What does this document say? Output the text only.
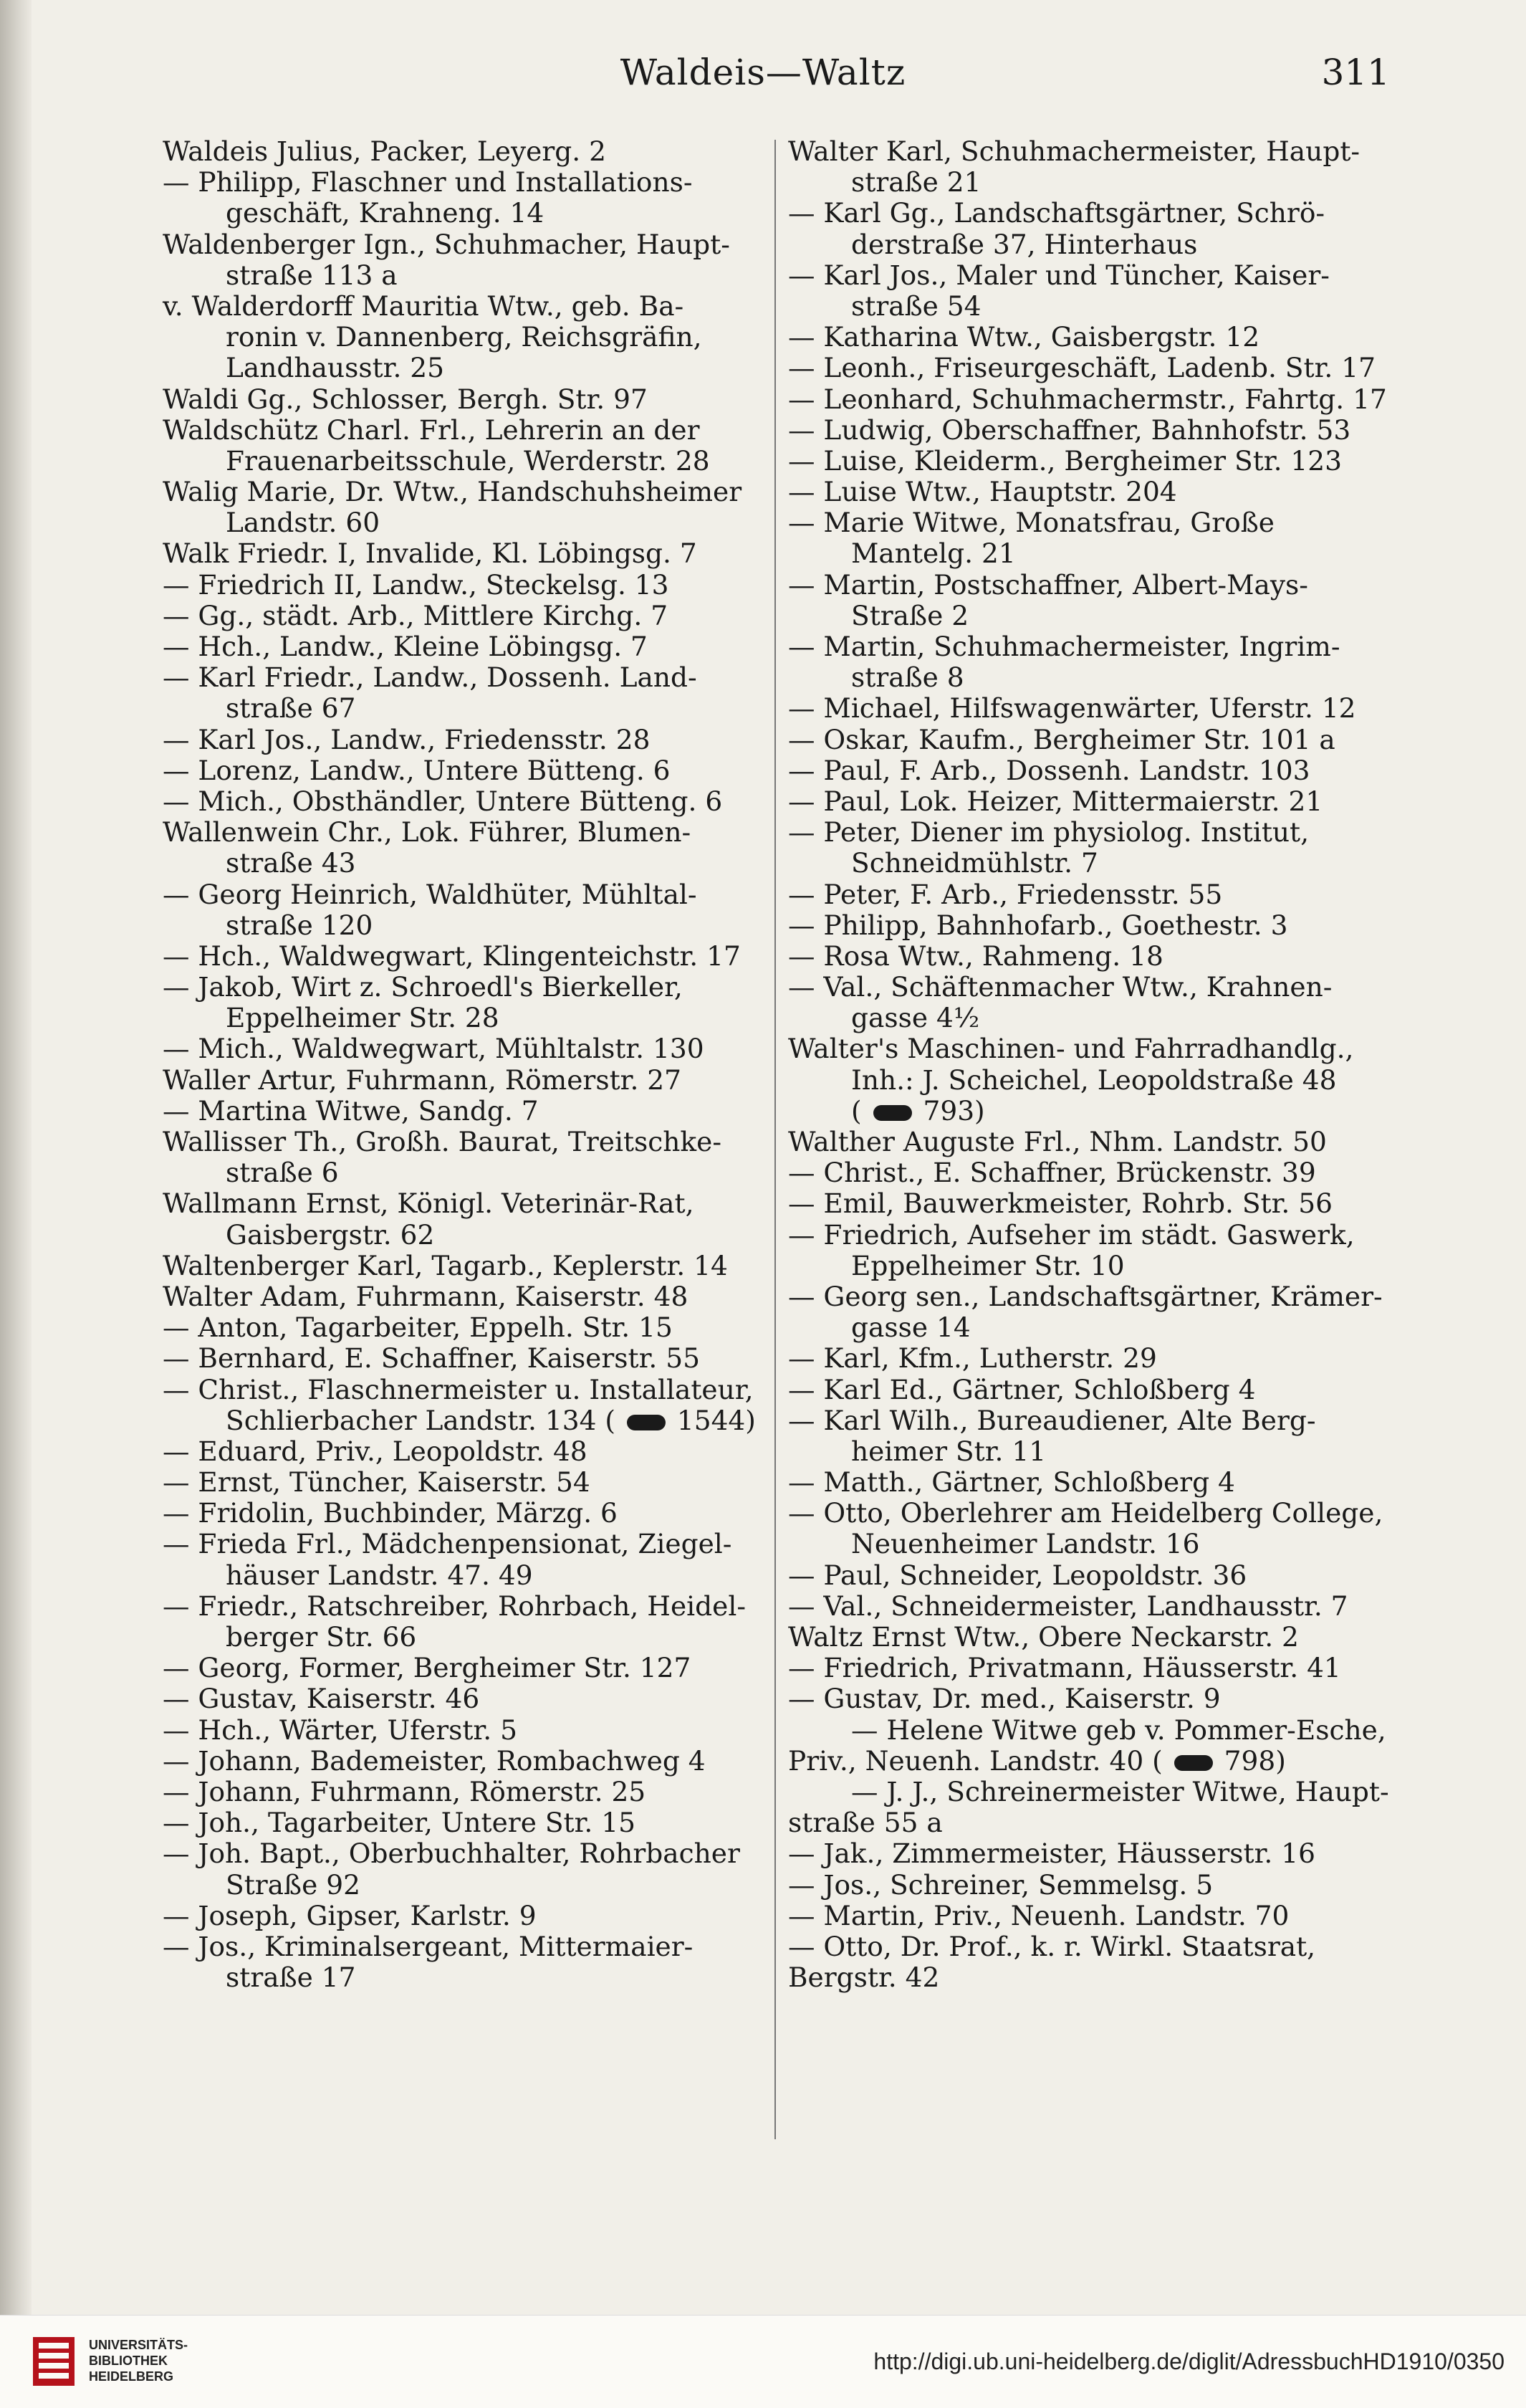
Waldeis—Waltz	311
Waldeis Julius, Packer, Leyerg. 2
— Philipp, Flaschner und Installations-
geschäft, Krahneng. 14
Waldenberger Ign., Schuhmacher, Haupt-
straße 113 a
v. Walderdorff Mauritia Wtw., geb. Ba-
ronin v. Dannenberg, Reichsgräfin,
Landhausstr. 25
Waldi Gg., Schlosser, Bergh. Str. 97
Waldschütz Charl. Frl., Lehrerin an der
Frauenarbeitsschule, Werderstr. 28
Walig Marie, Dr. Wtw., Handschuhsheimer
Landstr. 60
Walk Friedr. I, Invalide, Kl. Löbingsg. 7
— Friedrich II, Landw., Steckelsg. 13
— Gg., städt. Arb., Mittlere Kirchg. 7
— Hch., Landw., Kleine Löbingsg. 7
— Karl Friedr., Landw., Dossenh. Land-
straße 67
— Karl Jos., Landw., Friedensstr. 28
— Lorenz, Landw., Untere Bütteng. 6
— Mich., Obsthändler, Untere Bütteng. 6
Wallenwein Chr., Lok. Führer, Blumen-
straße 43
— Georg Heinrich, Waldhüter, Mühltal-
straße 120
— Hch., Waldwegwart, Klingenteichstr. 17
— Jakob, Wirt z. Schroedl's Bierkeller,
Eppelheimer Str. 28
— Mich., Waldwegwart, Mühltalstr. 130
Waller Artur, Fuhrmann, Römerstr. 27
— Martina Witwe, Sandg. 7
Wallisser Th., Großh. Baurat, Treitschke-
straße 6
Wallmann Ernst, Königl. Veterinär-Rat,
Gaisbergstr. 62
Waltenberger Karl, Tagarb., Keplerstr. 14
Walter Adam, Fuhrmann, Kaiserstr. 48
— Anton, Tagarbeiter, Eppelh. Str. 15
— Bernhard, E. Schaffner, Kaiserstr. 55
— Christ., Flaschnermeister u. Installateur,
Schlierbacher Landstr. 134 (  1544)
— Eduard, Priv., Leopoldstr. 48
— Ernst, Tüncher, Kaiserstr. 54
— Fridolin, Buchbinder, Märzg. 6
— Frieda Frl., Mädchenpensionat, Ziegel-
häuser Landstr. 47. 49
— Friedr., Ratschreiber, Rohrbach, Heidel-
berger Str. 66
— Georg, Former, Bergheimer Str. 127
— Gustav, Kaiserstr. 46
— Hch., Wärter, Uferstr. 5
— Johann, Bademeister, Rombachweg 4
— Johann, Fuhrmann, Römerstr. 25
— Joh., Tagarbeiter, Untere Str. 15
— Joh. Bapt., Oberbuchhalter, Rohrbacher
Straße 92
— Joseph, Gipser, Karlstr. 9
— Jos., Kriminalsergeant, Mittermaier-
straße 17
Walter Karl, Schuhmachermeister, Haupt-
straße 21
— Karl Gg., Landschaftsgärtner, Schrö-
derstraße 37, Hinterhaus
— Karl Jos., Maler und Tüncher, Kaiser-
straße 54
— Katharina Wtw., Gaisbergstr. 12
— Leonh., Friseurgeschäft, Ladenb. Str. 17
— Leonhard, Schuhmachermstr., Fahrtg. 17
— Ludwig, Oberschaffner, Bahnhofstr. 53
— Luise, Kleiderm., Bergheimer Str. 123
— Luise Wtw., Hauptstr. 204
— Marie Witwe, Monatsfrau, Große
Mantelg. 21
— Martin, Postschaffner, Albert-Mays-
Straße 2
— Martin, Schuhmachermeister, Ingrim-
straße 8
— Michael, Hilfswagenwärter, Uferstr. 12
— Oskar, Kaufm., Bergheimer Str. 101 a
— Paul, F. Arb., Dossenh. Landstr. 103
— Paul, Lok. Heizer, Mittermaierstr. 21
— Peter, Diener im physiolog. Institut,
Schneidmühlstr. 7
— Peter, F. Arb., Friedensstr. 55
— Philipp, Bahnhofarb., Goethestr. 3
— Rosa Wtw., Rahmeng. 18
— Val., Schäftenmacher Wtw., Krahnen-
gasse 4½
Walter's Maschinen- und Fahrradhandlg.,
Inh.: J. Scheichel, Leopoldstraße 48
(  793)
Walther Auguste Frl., Nhm. Landstr. 50
— Christ., E. Schaffner, Brückenstr. 39
— Emil, Bauwerkmeister, Rohrb. Str. 56
— Friedrich, Aufseher im städt. Gaswerk,
Eppelheimer Str. 10
— Georg sen., Landschaftsgärtner, Krämer-
gasse 14
— Karl, Kfm., Lutherstr. 29
— Karl Ed., Gärtner, Schloßberg 4
— Karl Wilh., Bureaudiener, Alte Berg-
heimer Str. 11
— Matth., Gärtner, Schloßberg 4
— Otto, Oberlehrer am Heidelberg College,
Neuenheimer Landstr. 16
— Paul, Schneider, Leopoldstr. 36
— Val., Schneidermeister, Landhausstr. 7
Waltz Ernst Wtw., Obere Neckarstr. 2
— Friedrich, Privatmann, Häusserstr. 41
— Gustav, Dr. med., Kaiserstr. 9
— Helene Witwe geb v. Pommer-Esche,
Priv., Neuenh. Landstr. 40 (  798)
— J. J., Schreinermeister Witwe, Haupt-
straße 55 a
— Jak., Zimmermeister, Häusserstr. 16
— Jos., Schreiner, Semmelsg. 5
— Martin, Priv., Neuenh. Landstr. 70
— Otto, Dr. Prof., k. r. Wirkl. Staatsrat,
Bergstr. 42
UNIVERSITÄTS-
BIBLIOTHEK
HEIDELBERG
http://digi.ub.uni-heidelberg.de/diglit/AdressbuchHD1910/0350
